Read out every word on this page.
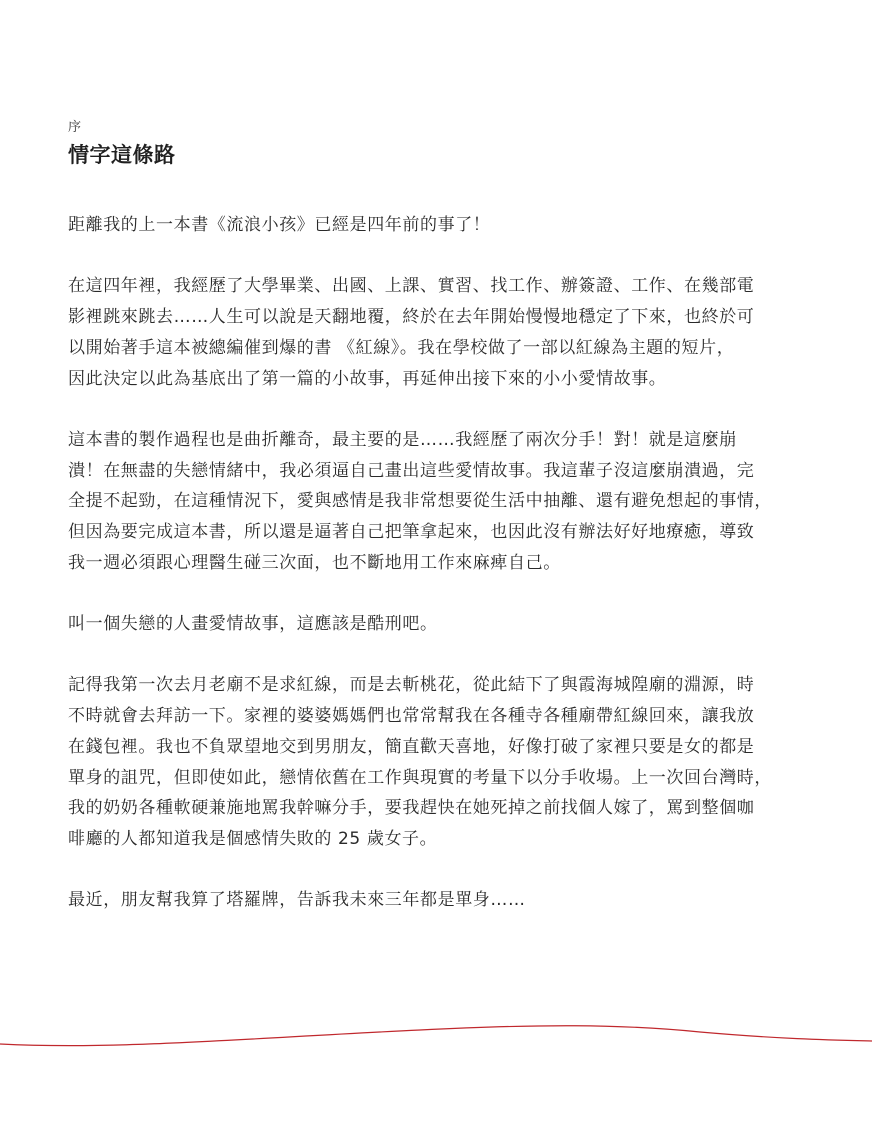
序

情字這條路

距離我的上一本書《流浪小孩》已經是四年前的事了！

在這四年裡，我經歷了大學畢業、出國、上課、實習、找工作、辦簽證、工作、在幾部電
影裡跳來跳去……人生可以說是天翻地覆，終於在去年開始慢慢地穩定了下來，也終於可
以開始著手這本被總編催到爆的書 《紅線》。我在學校做了一部以紅線為主題的短片，
因此決定以此為基底出了第一篇的小故事，再延伸出接下來的小小愛情故事。

這本書的製作過程也是曲折離奇，最主要的是……我經歷了兩次分手！對！就是這麼崩
潰！在無盡的失戀情緒中，我必須逼自己畫出這些愛情故事。我這輩子沒這麼崩潰過，完
全提不起勁，在這種情況下，愛與感情是我非常想要從生活中抽離、還有避免想起的事情，
但因為要完成這本書，所以還是逼著自己把筆拿起來，也因此沒有辦法好好地療癒，導致
我一週必須跟心理醫生碰三次面，也不斷地用工作來麻痺自己。

叫一個失戀的人畫愛情故事，這應該是酷刑吧。

記得我第一次去月老廟不是求紅線，而是去斬桃花，從此結下了與霞海城隍廟的淵源，時
不時就會去拜訪一下。家裡的婆婆媽媽們也常常幫我在各種寺各種廟帶紅線回來，讓我放
在錢包裡。我也不負眾望地交到男朋友，簡直歡天喜地，好像打破了家裡只要是女的都是
單身的詛咒，但即使如此，戀情依舊在工作與現實的考量下以分手收場。上一次回台灣時，
我的奶奶各種軟硬兼施地罵我幹嘛分手，要我趕快在她死掉之前找個人嫁了，罵到整個咖
啡廳的人都知道我是個感情失敗的 25 歲女子。

最近，朋友幫我算了塔羅牌，告訴我未來三年都是單身……
